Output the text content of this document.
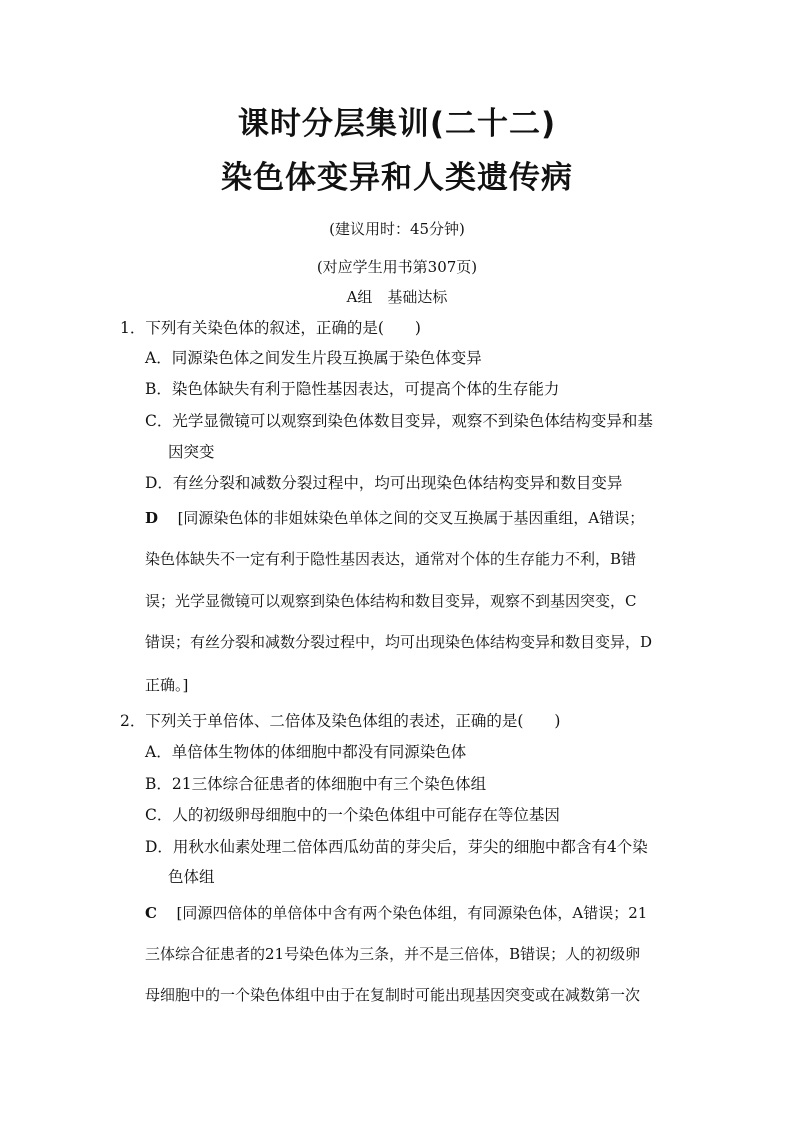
课时分层集训(二十二)
染色体变异和人类遗传病
(建议用时：45分钟)
(对应学生用书第307页)
A组　基础达标
1．下列有关染色体的叙述，正确的是(　　)
A．同源染色体之间发生片段互换属于染色体变异
B．染色体缺失有利于隐性基因表达，可提高个体的生存能力
C．光学显微镜可以观察到染色体数目变异，观察不到染色体结构变异和基
因突变
D．有丝分裂和减数分裂过程中，均可出现染色体结构变异和数目变异
D [同源染色体的非姐妹染色单体之间的交叉互换属于基因重组，A错误；
染色体缺失不一定有利于隐性基因表达，通常对个体的生存能力不利，B错
误；光学显微镜可以观察到染色体结构和数目变异，观察不到基因突变，C
错误；有丝分裂和减数分裂过程中，均可出现染色体结构变异和数目变异，D
正确。]
2．下列关于单倍体、二倍体及染色体组的表述，正确的是(　　)
A．单倍体生物体的体细胞中都没有同源染色体
B．21三体综合征患者的体细胞中有三个染色体组
C．人的初级卵母细胞中的一个染色体组中可能存在等位基因
D．用秋水仙素处理二倍体西瓜幼苗的芽尖后，芽尖的细胞中都含有4个染
色体组
C [同源四倍体的单倍体中含有两个染色体组，有同源染色体，A错误；21
三体综合征患者的21号染色体为三条，并不是三倍体，B错误；人的初级卵
母细胞中的一个染色体组中由于在复制时可能出现基因突变或在减数第一次
